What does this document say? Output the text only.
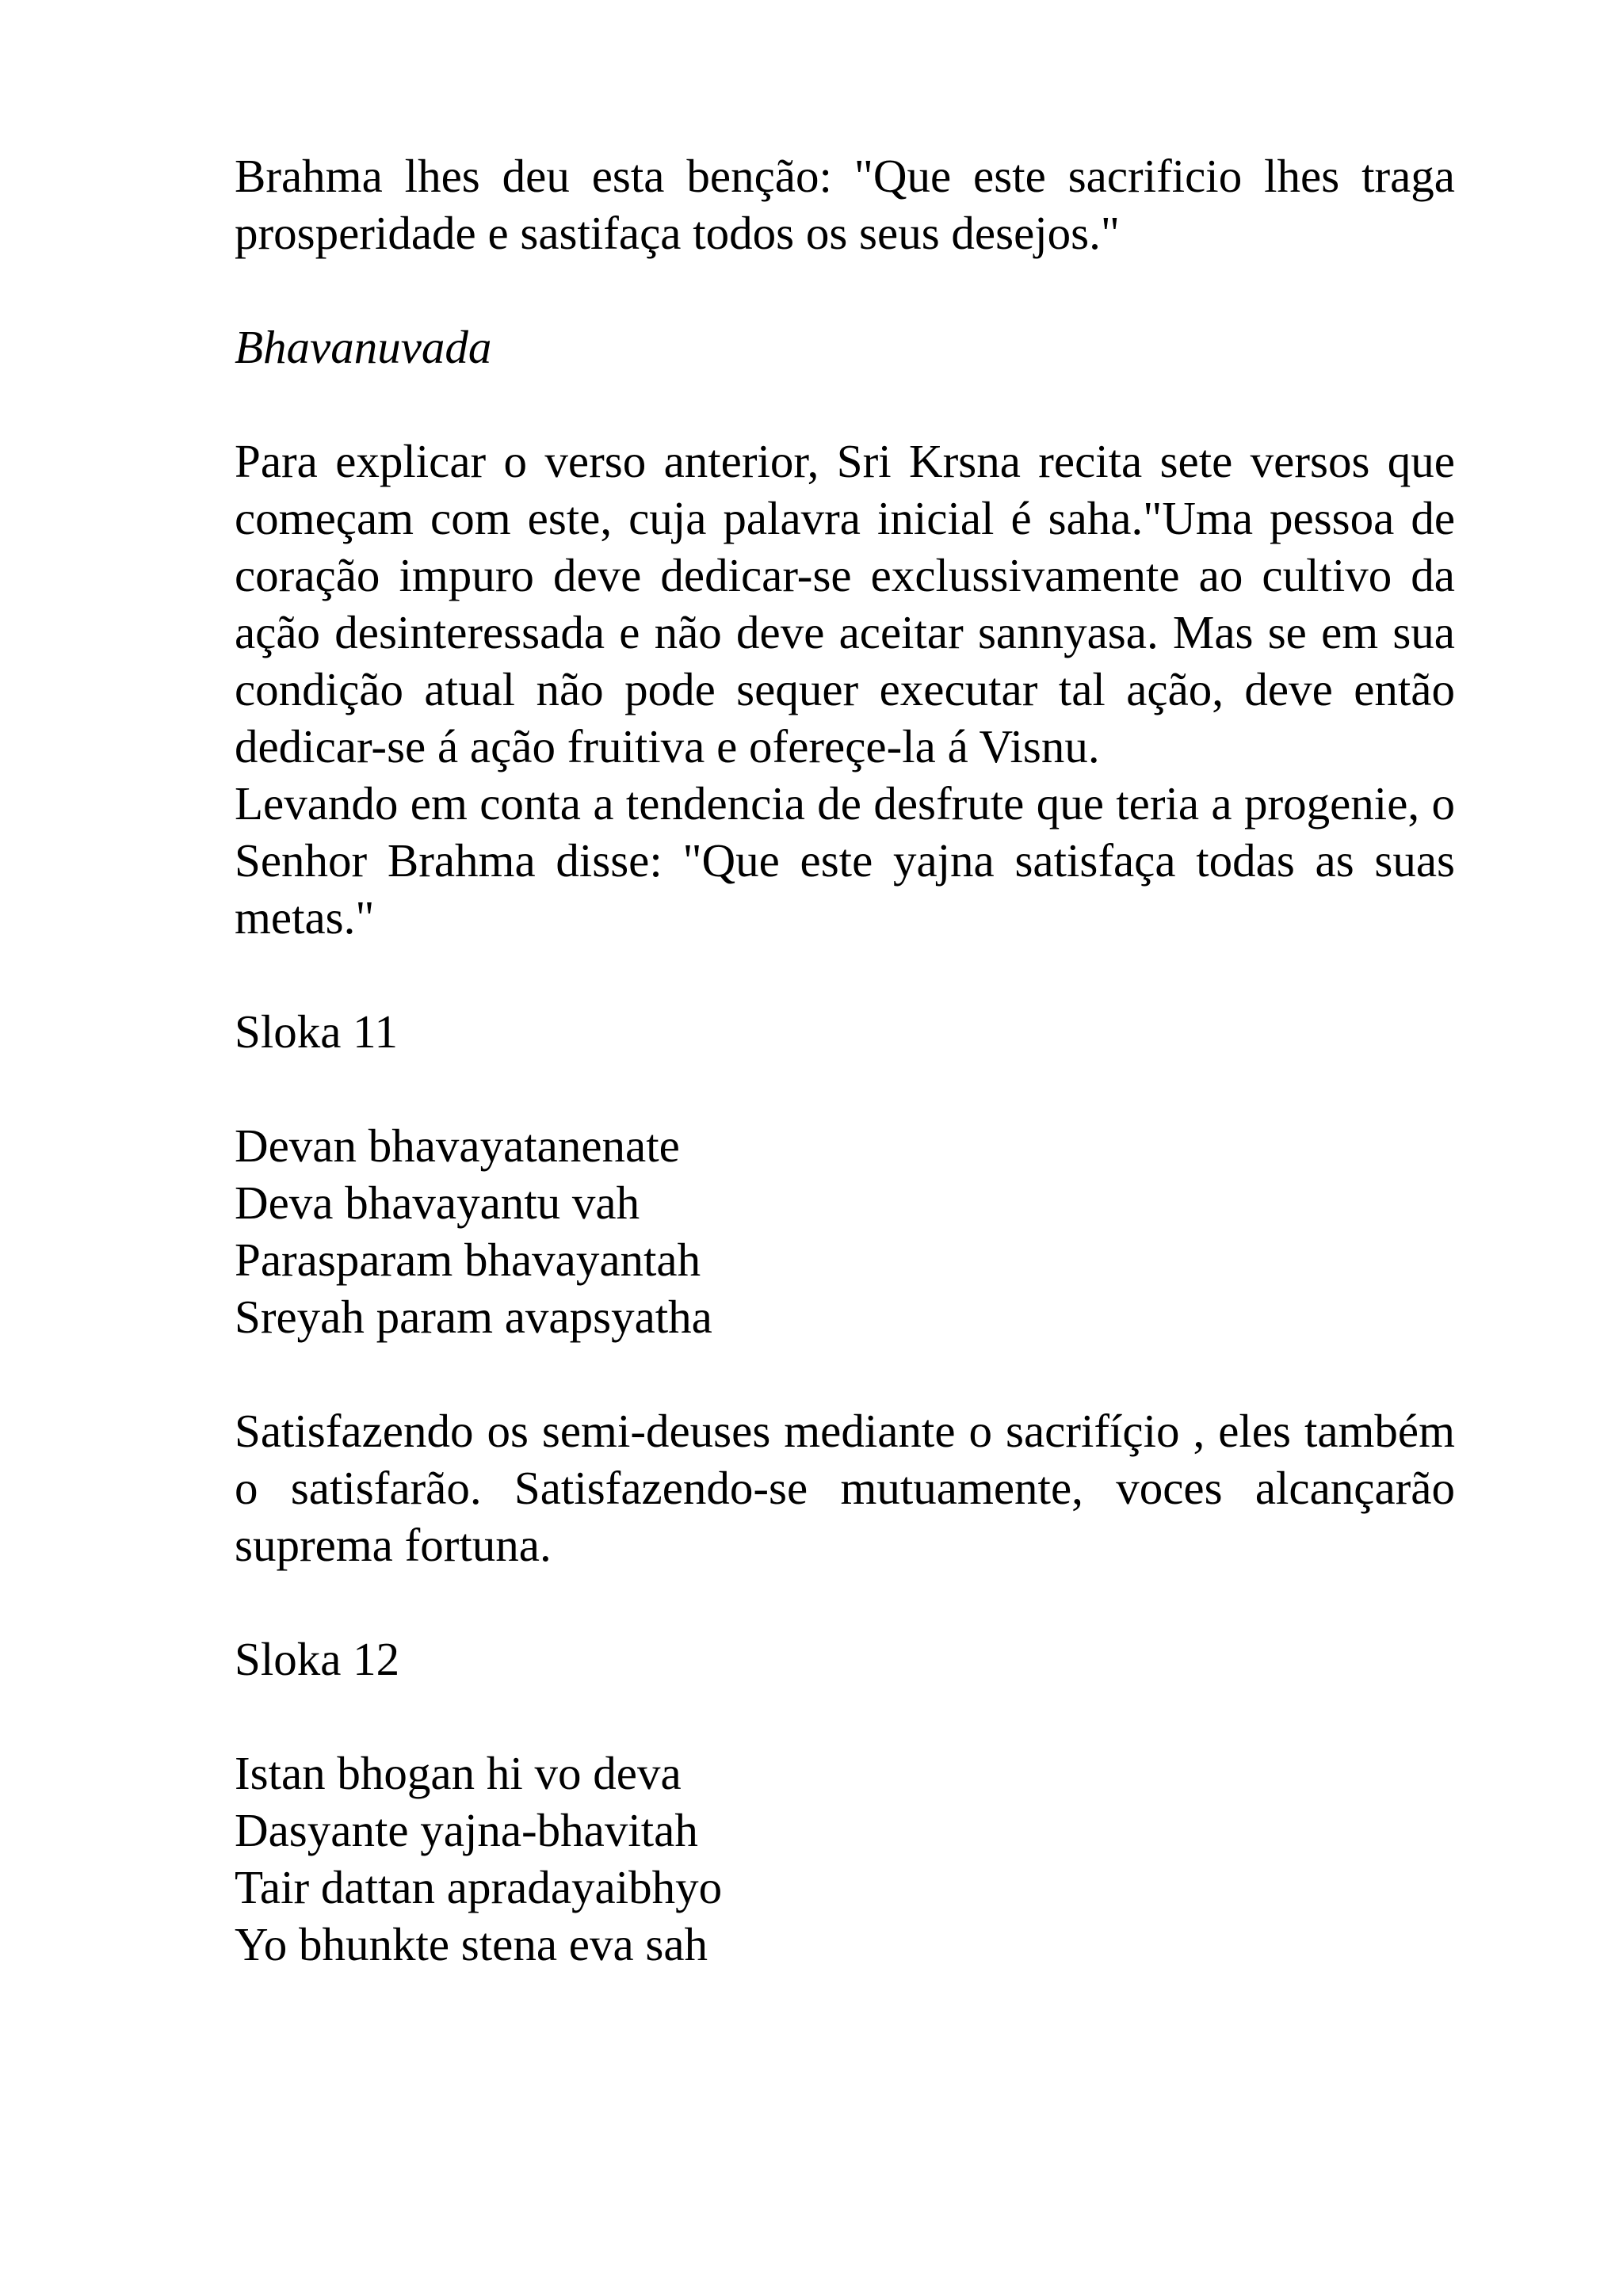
Brahma lhes deu esta benção: "Que este sacrificio lhes traga prosperidade e sastifaça todos os seus desejos."

Bhavanuvada

Para explicar o verso anterior, Sri Krsna recita sete versos que começam com este, cuja palavra inicial é saha."Uma pessoa de coração impuro deve dedicar-se exclussivamente ao cultivo da ação desinteressada e não deve aceitar sannyasa. Mas se em sua condição atual não pode sequer executar tal ação, deve então dedicar-se á ação fruitiva e ofereçe-la á Visnu.

Levando em conta a tendencia de desfrute que teria a progenie, o Senhor Brahma disse: "Que este yajna satisfaça todas as suas metas."

Sloka 11

Devan bhavayatanenate
Deva bhavayantu vah
Parasparam bhavayantah
Sreyah param avapsyatha

Satisfazendo os semi-deuses mediante o sacrifíçio , eles também o satisfarão. Satisfazendo-se mutuamente, voces alcançarão suprema fortuna.

Sloka 12

Istan bhogan hi vo deva
Dasyante yajna-bhavitah
Tair dattan apradayaibhyo
Yo bhunkte stena eva sah
